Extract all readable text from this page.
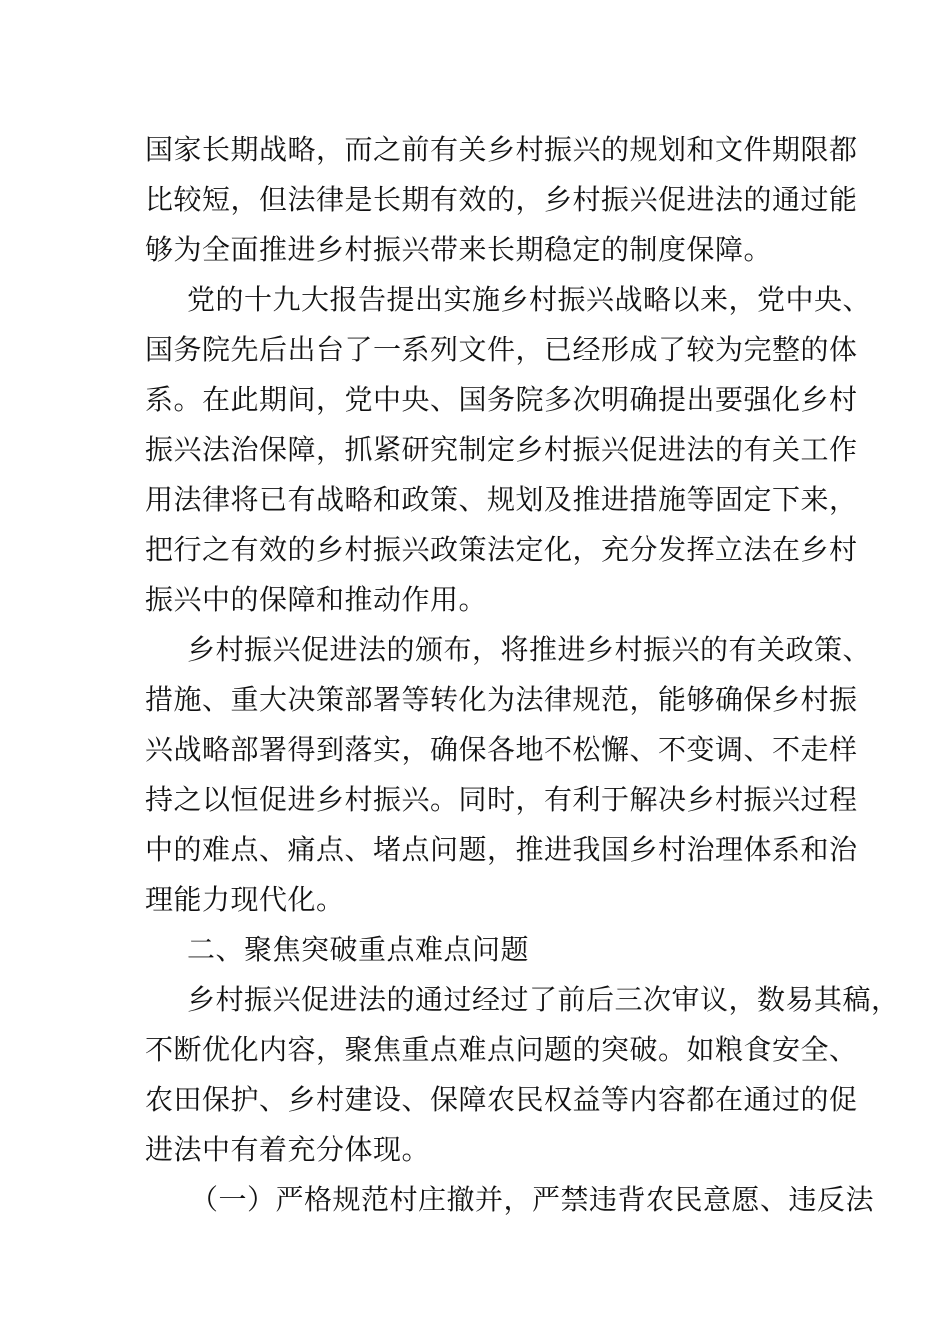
国家长期战略，而之前有关乡村振兴的规划和文件期限都
比较短，但法律是长期有效的，乡村振兴促进法的通过能
够为全面推进乡村振兴带来长期稳定的制度保障。
党的十九大报告提出实施乡村振兴战略以来，党中央、
国务院先后出台了一系列文件，已经形成了较为完整的体
系。在此期间，党中央、国务院多次明确提出要强化乡村
振兴法治保障，抓紧研究制定乡村振兴促进法的有关工作
用法律将已有战略和政策、规划及推进措施等固定下来，
把行之有效的乡村振兴政策法定化，充分发挥立法在乡村
振兴中的保障和推动作用。
乡村振兴促进法的颁布，将推进乡村振兴的有关政策、
措施、重大决策部署等转化为法律规范，能够确保乡村振
兴战略部署得到落实，确保各地不松懈、不变调、不走样
持之以恒促进乡村振兴。同时，有利于解决乡村振兴过程
中的难点、痛点、堵点问题，推进我国乡村治理体系和治
理能力现代化。
二、聚焦突破重点难点问题
乡村振兴促进法的通过经过了前后三次审议，数易其稿，
不断优化内容，聚焦重点难点问题的突破。如粮食安全、
农田保护、乡村建设、保障农民权益等内容都在通过的促
进法中有着充分体现。
（一）严格规范村庄撤并，严禁违背农民意愿、违反法
